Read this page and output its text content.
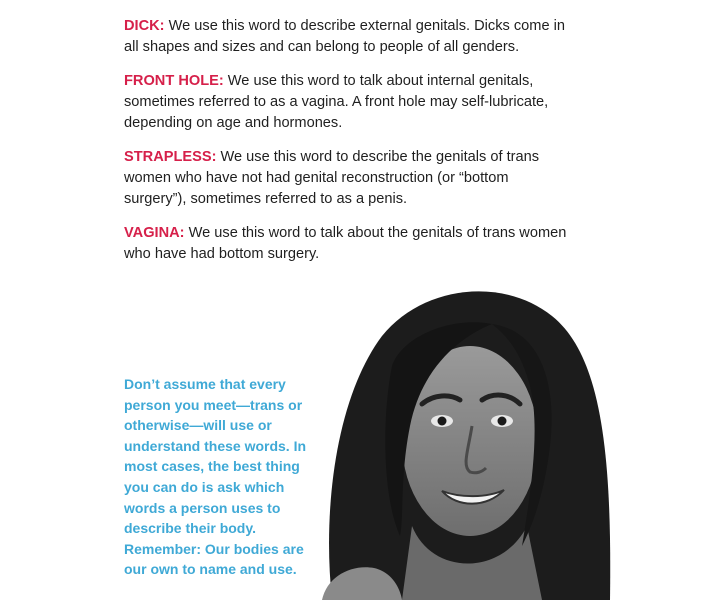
DICK: We use this word to describe external genitals. Dicks come in all shapes and sizes and can belong to people of all genders.

FRONT HOLE: We use this word to talk about internal genitals, sometimes referred to as a vagina. A front hole may self-lubricate, depending on age and hormones.

STRAPLESS: We use this word to describe the genitals of trans women who have not had genital reconstruction (or “bottom surgery”), sometimes referred to as a penis.

VAGINA: We use this word to talk about the genitals of trans women who have had bottom surgery.

Don’t assume that every person you meet—trans or otherwise—will use or understand these words. In most cases, the best thing you can do is ask which words a person uses to describe their body. Remember: Our bodies are our own to name and use.
